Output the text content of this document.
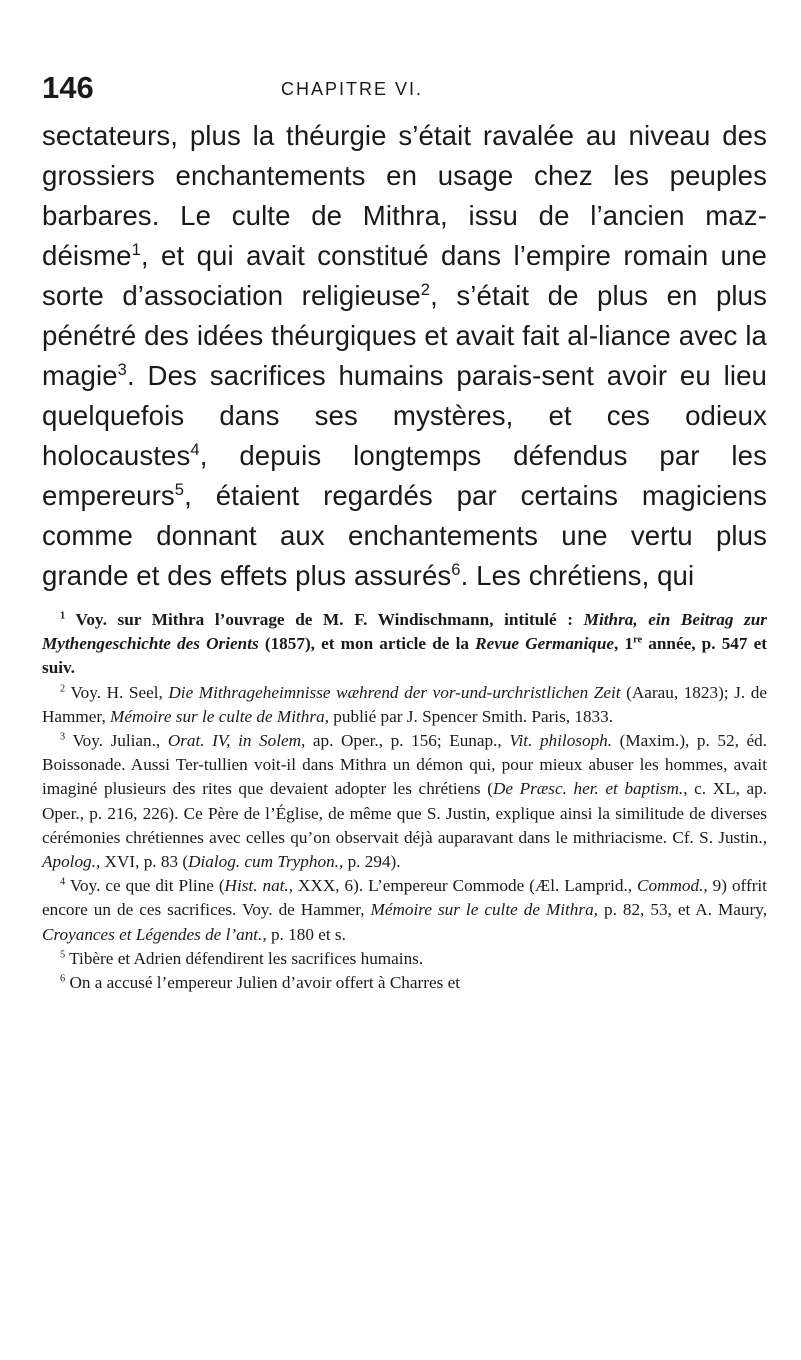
146	CHAPITRE VI.

sectateurs, plus la théurgie s’était ravalée au niveau des grossiers enchantements en usage chez les peuples barbares. Le culte de Mithra, issu de l’ancien maz-déisme$^1$, et qui avait constitué dans l’empire romain une sorte d’association religieuse$^2$, s’était de plus en plus pénétré des idées théurgiques et avait fait al-liance avec la magie$^3$. Des sacrifices humains parais-sent avoir eu lieu quelquefois dans ses mystères, et ces odieux holocaustes$^4$, depuis longtemps défendus par les empereurs$^5$, étaient regardés par certains magiciens comme donnant aux enchantements une vertu plus grande et des effets plus assurés$^6$. Les chrétiens, qui

$^1$ Voy. sur Mithra l’ouvrage de M. F. Windischmann, intitulé : Mithra, ein Beitrag zur Mythengeschichte des Orients (1857), et mon article de la Revue Germanique, 1re année, p. 547 et suiv.

$^2$ Voy. H. Seel, Die Mithrageheimnisse wæhrend der vor-und-urchristlichen Zeit (Aarau, 1823); J. de Hammer, Mémoire sur le culte de Mithra, publié par J. Spencer Smith. Paris, 1833.

$^3$ Voy. Julian., Orat. IV, in Solem, ap. Oper., p. 156; Eunap., Vit. philosoph. (Maxim.), p. 52, éd. Boissonade. Aussi Ter-tullien voit-il dans Mithra un démon qui, pour mieux abuser les hommes, avait imaginé plusieurs des rites que devaient adopter les chrétiens (De Præsc. her. et baptism., c. XL, ap. Oper., p. 216, 226). Ce Père de l’Église, de même que S. Justin, explique ainsi la similitude de diverses cérémonies chrétiennes avec celles qu’on observait déjà auparavant dans le mithriacisme. Cf. S. Justin., Apolog., XVI, p. 83 (Dialog. cum Tryphon., p. 294).

$^4$ Voy. ce que dit Pline (Hist. nat., XXX, 6). L’empereur Commode (Æl. Lamprid., Commod., 9) offrit encore un de ces sacrifices. Voy. de Hammer, Mémoire sur le culte de Mithra, p. 82, 53, et A. Maury, Croyances et Légendes de l’ant., p. 180 et s.

$^5$ Tibère et Adrien défendirent les sacrifices humains.

$^6$ On a accusé l’empereur Julien d’avoir offert à Charres et
